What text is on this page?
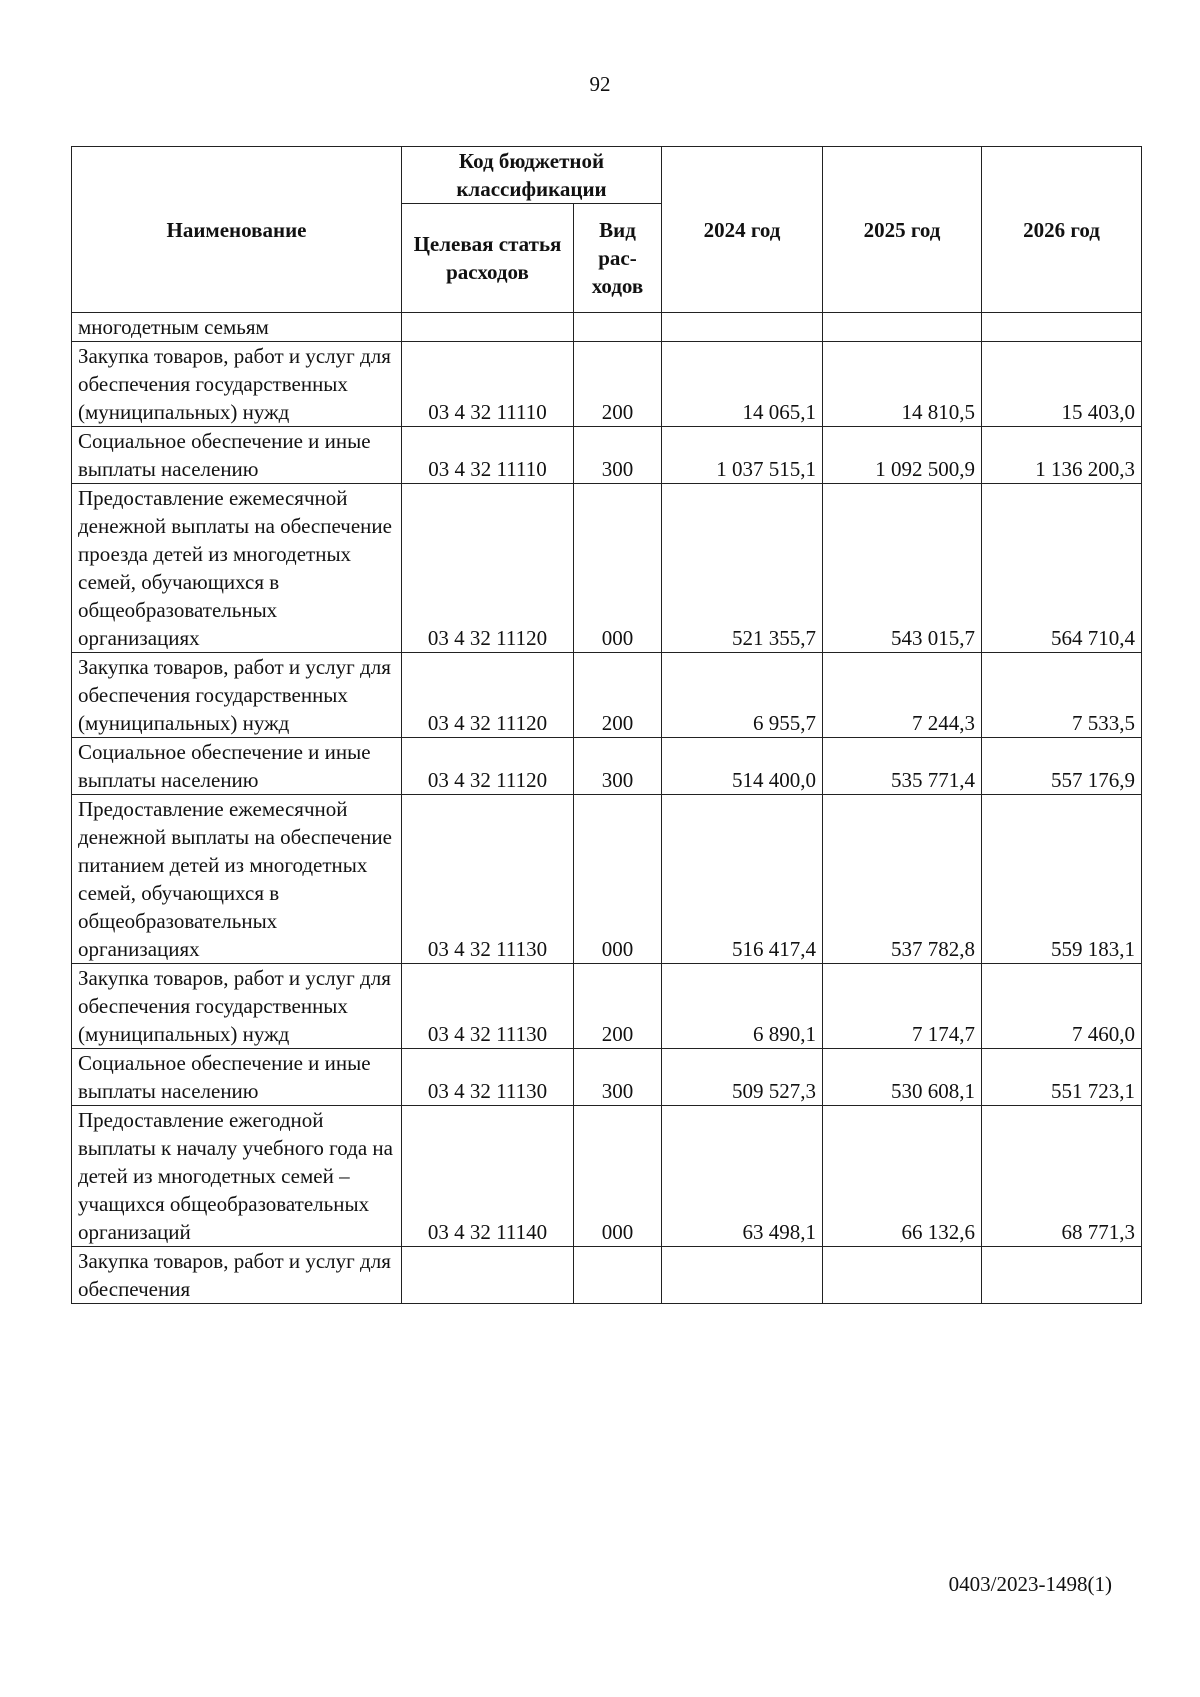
92
Наименование	Код бюджетной классификации		2024 год	2025 год	2026 год
	Целевая статья расходов	Вид рас-ходов			
многодетным семьям					
Закупка товаров, работ и услуг для обеспечения государственных (муниципальных) нужд	03 4 32 11110	200	14 065,1	14 810,5	15 403,0
Социальное обеспечение и иные выплаты населению	03 4 32 11110	300	1 037 515,1	1 092 500,9	1 136 200,3
Предоставление ежемесячной денежной выплаты на обеспечение проезда детей из многодетных семей, обучающихся в общеобразовательных организациях	03 4 32 11120	000	521 355,7	543 015,7	564 710,4
Закупка товаров, работ и услуг для обеспечения государственных (муниципальных) нужд	03 4 32 11120	200	6 955,7	7 244,3	7 533,5
Социальное обеспечение и иные выплаты населению	03 4 32 11120	300	514 400,0	535 771,4	557 176,9
Предоставление ежемесячной денежной выплаты на обеспечение питанием детей из многодетных семей, обучающихся в общеобразовательных организациях	03 4 32 11130	000	516 417,4	537 782,8	559 183,1
Закупка товаров, работ и услуг для обеспечения государственных (муниципальных) нужд	03 4 32 11130	200	6 890,1	7 174,7	7 460,0
Социальное обеспечение и иные выплаты населению	03 4 32 11130	300	509 527,3	530 608,1	551 723,1
Предоставление ежегодной выплаты к началу учебного года на детей из многодетных семей – учащихся общеобразовательных организаций	03 4 32 11140	000	63 498,1	66 132,6	68 771,3
Закупка товаров, работ и услуг для обеспечения					
0403/2023-1498(1)
